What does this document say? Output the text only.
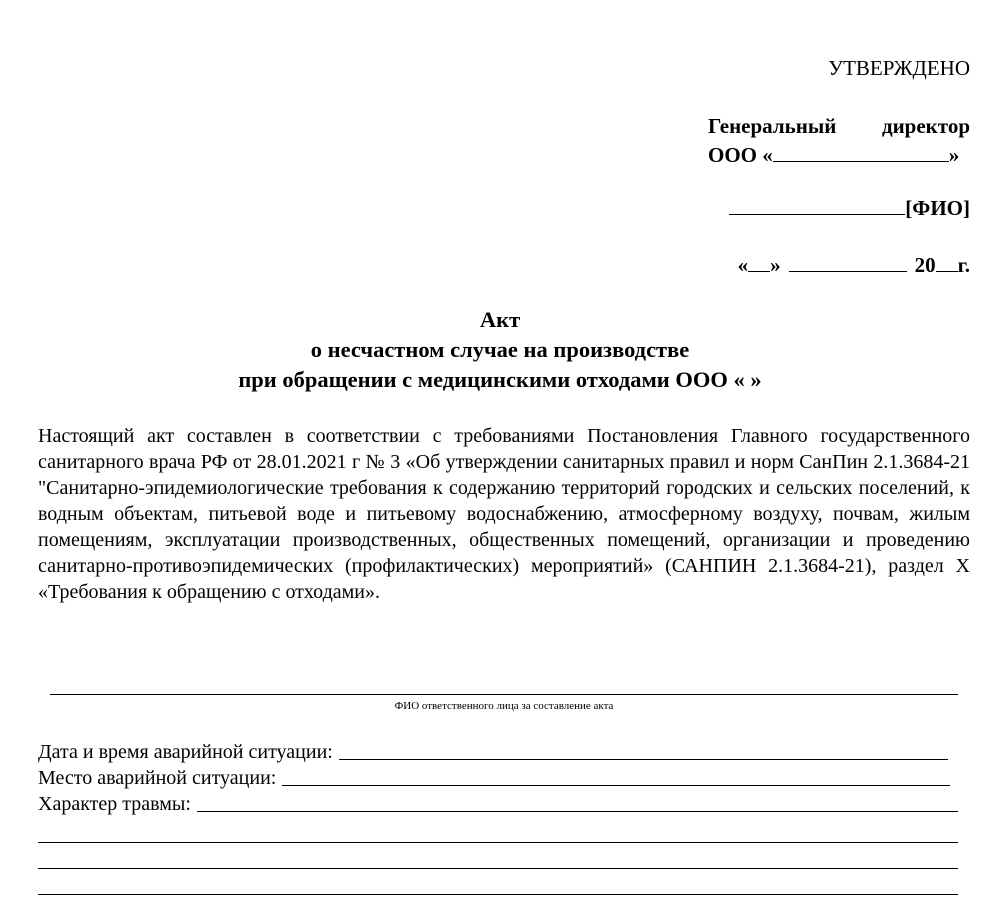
УТВЕРЖДЕНО
Генеральный директор
ООО «	»
[ФИО]
« »	20 г.
Акт
о несчастном случае на производстве
при обращении с медицинскими отходами ООО « »
Настоящий акт составлен в соответствии с требованиями Постановления Главного государственного санитарного врача РФ от 28.01.2021 г № 3 «Об утверждении санитарных правил и норм СанПин 2.1.3684-21 "Санитарно-эпидемиологические требования к содержанию территорий городских и сельских поселений, к водным объектам, питьевой воде и питьевому водоснабжению, атмосферному воздуху, почвам, жилым помещениям, эксплуатации производственных, общественных помещений, организации и проведению санитарно-противоэпидемических (профилактических) мероприятий» (САНПИН 2.1.3684-21), раздел X «Требования к обращению с отходами».
ФИО ответственного лица за составление акта
Дата и время аварийной ситуации:
Место аварийной ситуации:
Характер травмы:
